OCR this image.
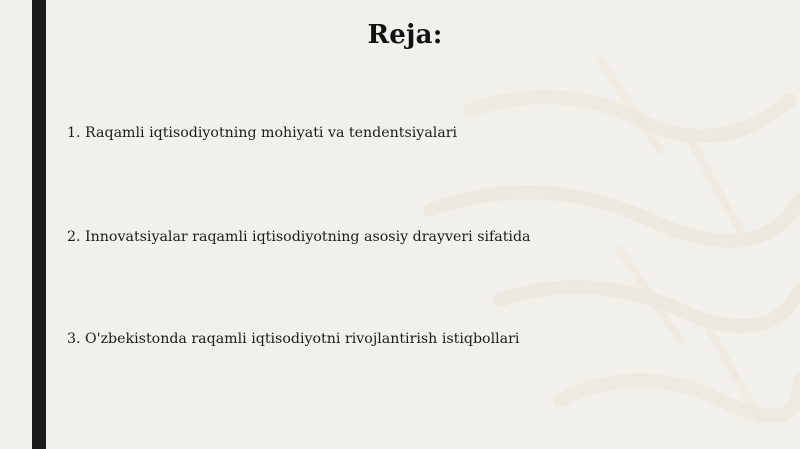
Reja:
1. Raqamli iqtisodiyotning mohiyati va tendentsiyalari
2. Innovatsiyalar raqamli iqtisodiyotning asosiy drayveri sifatida
3. O'zbekistonda raqamli iqtisodiyotni rivojlantirish istiqbollari
